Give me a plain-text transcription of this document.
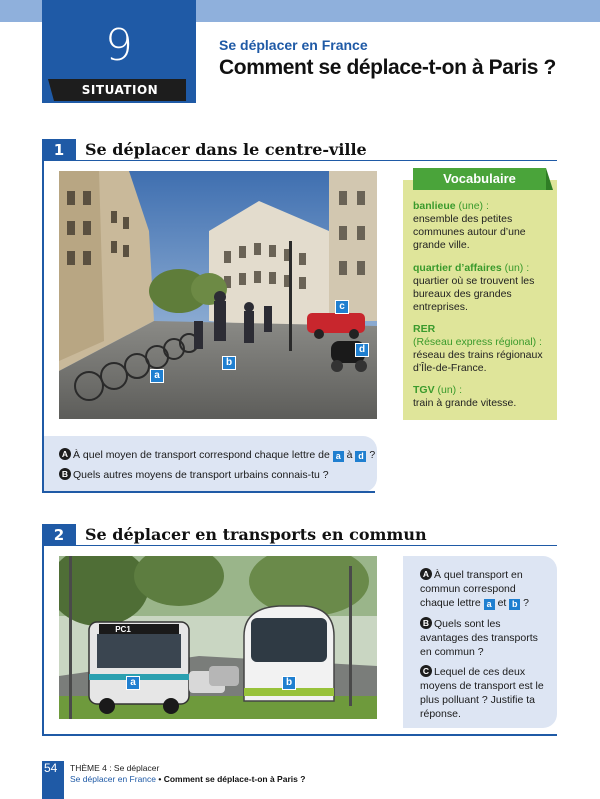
9
SITUATION
Se déplacer en France
Comment se déplace-t-on à Paris ?
1	Se déplacer dans le centre-ville
a
b
c
d
Vocabulaire
banlieue (une) :
ensemble des petites communes autour d’une grande ville.
quartier d’affaires (un) :
quartier où se trouvent les bureaux des grandes entreprises.
RER
(Réseau express régional) :
réseau des trains régionaux d’Île-de-France.
TGV (un) :
train à grande vitesse.
A À quel moyen de transport correspond chaque lettre de a à d ?
B Quels autres moyens de transport urbains connais-tu ?
2	Se déplacer en transports en commun
PC1
a	b
A À quel transport en commun correspond chaque lettre a et b ?
B Quels sont les avantages des transports en commun ?
C Lequel de ces deux moyens de transport est le plus polluant ? Justifie ta réponse.
54 THÈME 4 : Se déplacer
Se déplacer en France • Comment se déplace-t-on à Paris ?
